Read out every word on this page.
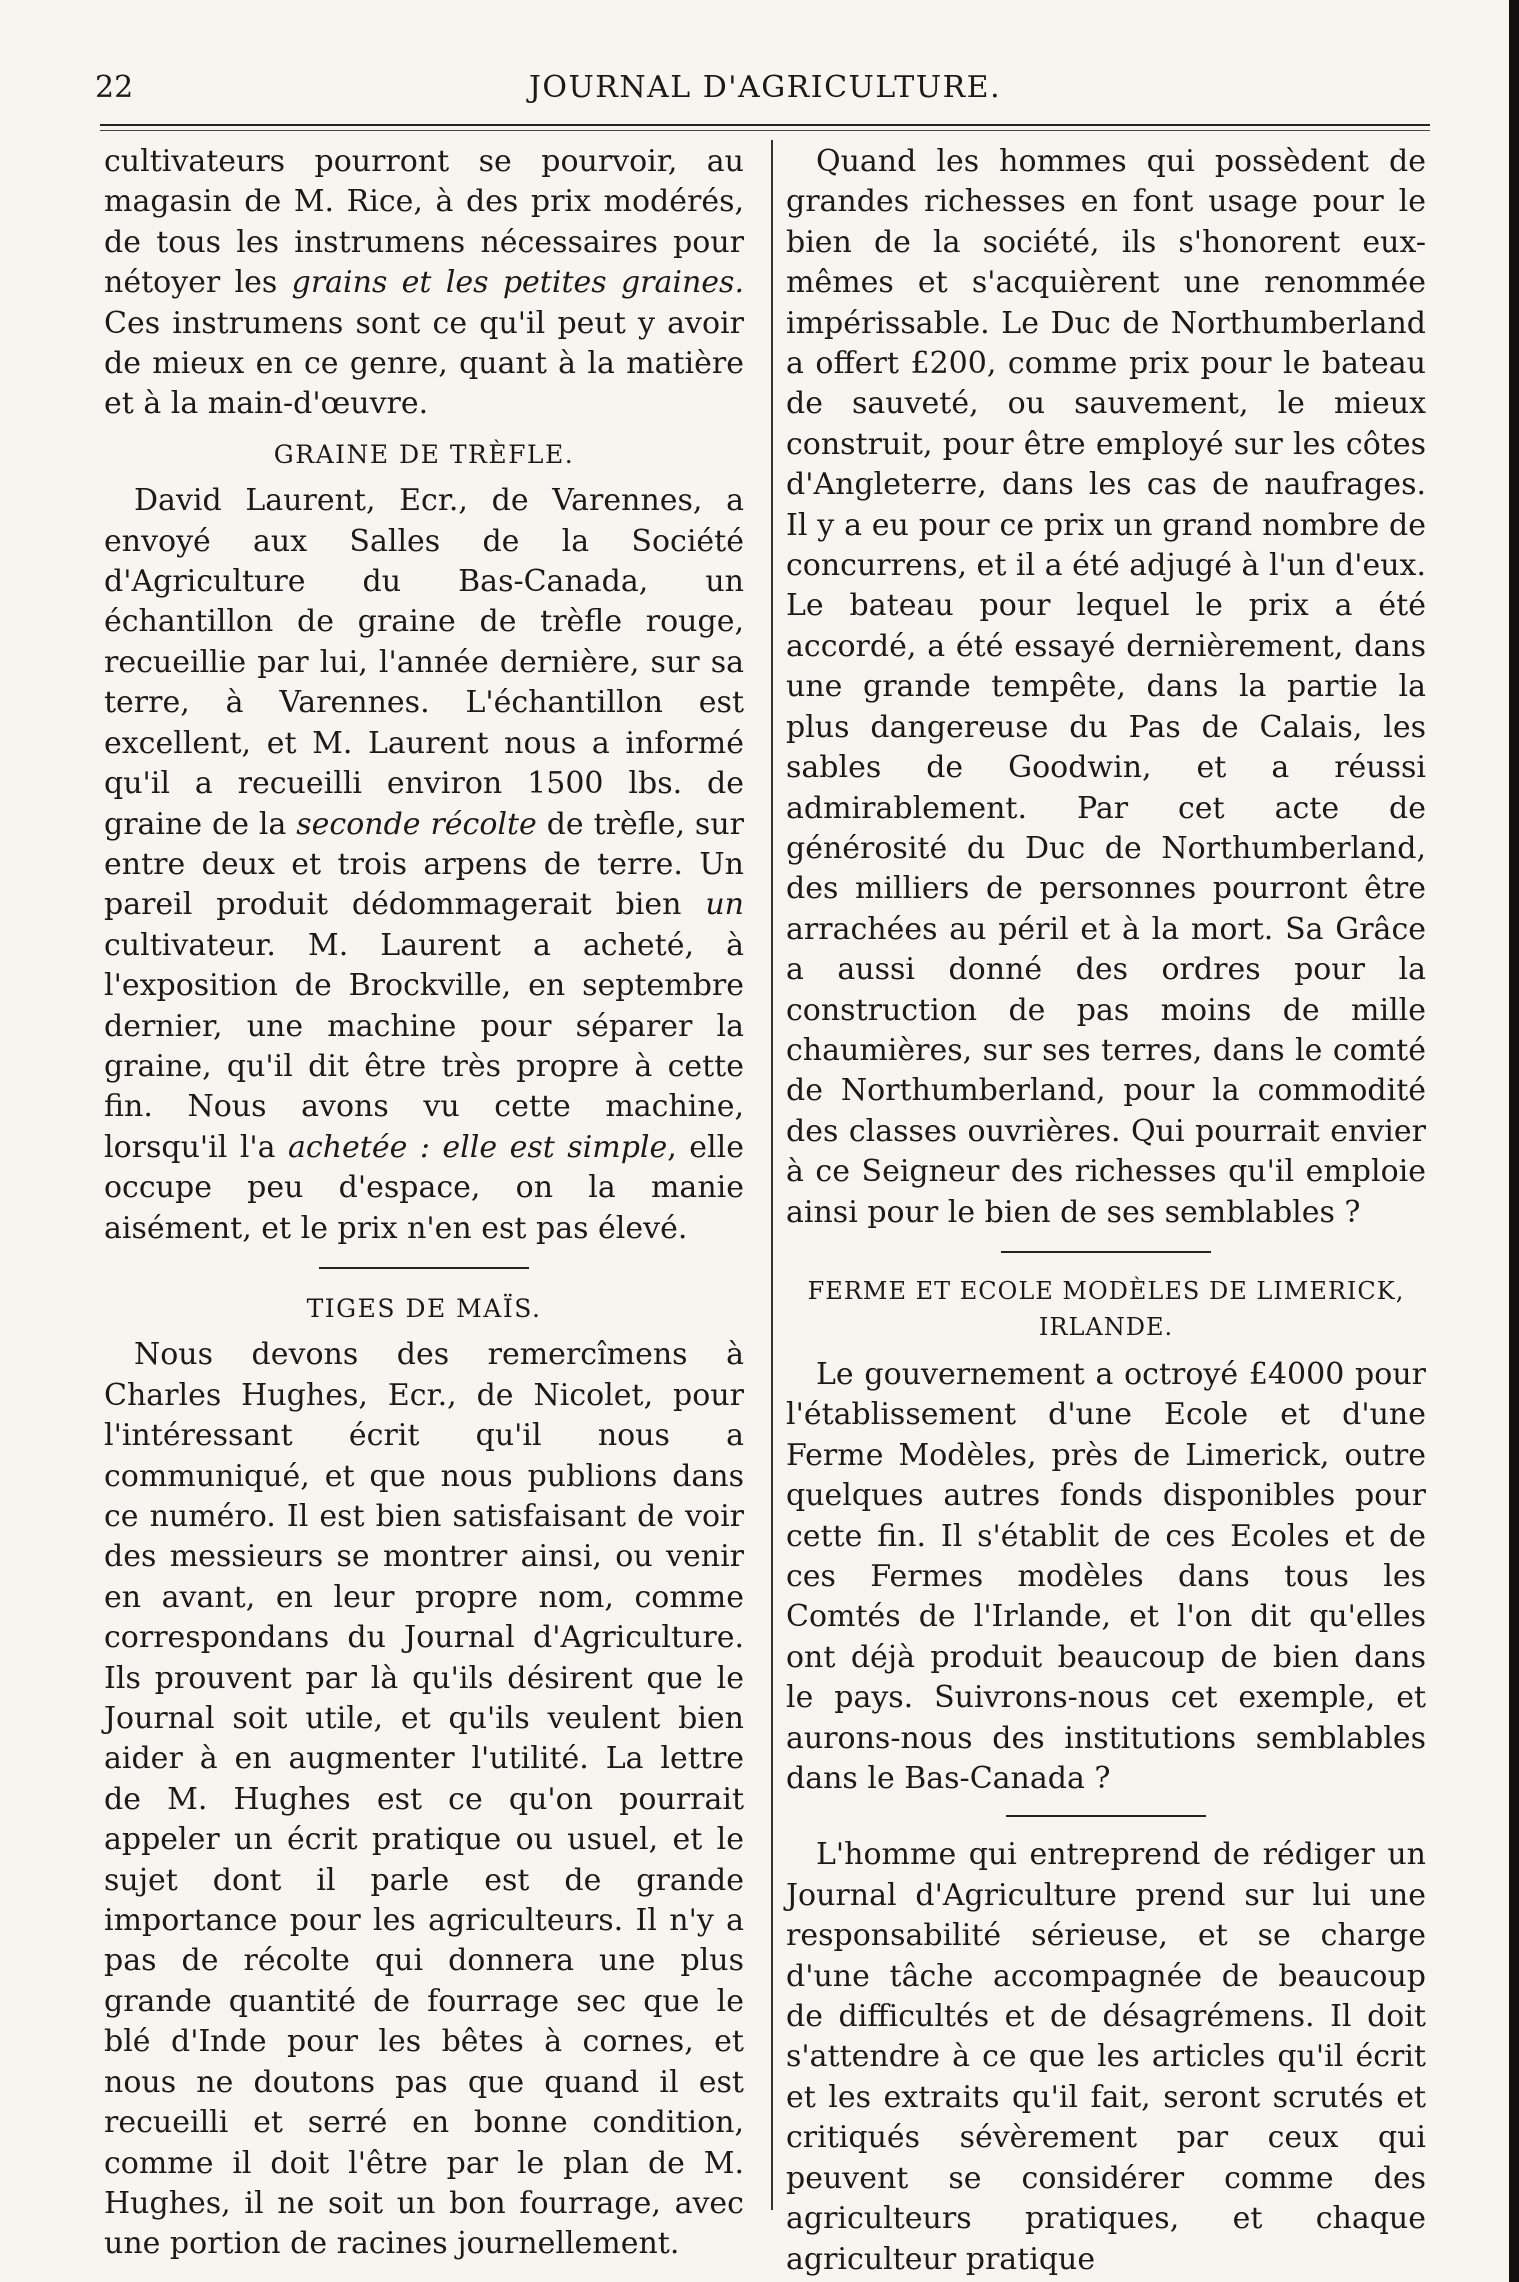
22	JOURNAL D'AGRICULTURE.

cultivateurs pourront se pourvoir, au magasin de M. Rice, à des prix modérés, de tous les instrumens nécessaires pour nétoyer les grains et les petites graines. Ces instrumens sont ce qu'il peut y avoir de mieux en ce genre, quant à la matière et à la main-d'œuvre.

GRAINE DE TRÈFLE.

David Laurent, Ecr., de Varennes, a envoyé aux Salles de la Société d'Agriculture du Bas-Canada, un échantillon de graine de trèfle rouge, recueillie par lui, l'année dernière, sur sa terre, à Varennes. L'échantillon est excellent, et M. Laurent nous a informé qu'il a recueilli environ 1500 lbs. de graine de la seconde récolte de trèfle, sur entre deux et trois arpens de terre. Un pareil produit dédommagerait bien un cultivateur. M. Laurent a acheté, à l'exposition de Brockville, en septembre dernier, une machine pour séparer la graine, qu'il dit être très propre à cette fin. Nous avons vu cette machine, lorsqu'il l'a achetée : elle est simple, elle occupe peu d'espace, on la manie aisément, et le prix n'en est pas élevé.

TIGES DE MAÏS.

Nous devons des remercîmens à Charles Hughes, Ecr., de Nicolet, pour l'intéressant écrit qu'il nous a communiqué, et que nous publions dans ce numéro. Il est bien satisfaisant de voir des messieurs se montrer ainsi, ou venir en avant, en leur propre nom, comme correspondans du Journal d'Agriculture. Ils prouvent par là qu'ils désirent que le Journal soit utile, et qu'ils veulent bien aider à en augmenter l'utilité. La lettre de M. Hughes est ce qu'on pourrait appeler un écrit pratique ou usuel, et le sujet dont il parle est de grande importance pour les agriculteurs. Il n'y a pas de récolte qui donnera une plus grande quantité de fourrage sec que le blé d'Inde pour les bêtes à cornes, et nous ne doutons pas que quand il est recueilli et serré en bonne condition, comme il doit l'être par le plan de M. Hughes, il ne soit un bon fourrage, avec une portion de racines journellement.

Quand les hommes qui possèdent de grandes richesses en font usage pour le bien de la société, ils s'honorent eux-mêmes et s'acquièrent une renommée impérissable. Le Duc de Northumberland a offert £200, comme prix pour le bateau de sauveté, ou sauvement, le mieux construit, pour être employé sur les côtes d'Angleterre, dans les cas de naufrages. Il y a eu pour ce prix un grand nombre de concurrens, et il a été adjugé à l'un d'eux. Le bateau pour lequel le prix a été accordé, a été essayé dernièrement, dans une grande tempête, dans la partie la plus dangereuse du Pas de Calais, les sables de Goodwin, et a réussi admirablement. Par cet acte de générosité du Duc de Northumberland, des milliers de personnes pourront être arrachées au péril et à la mort. Sa Grâce a aussi donné des ordres pour la construction de pas moins de mille chaumières, sur ses terres, dans le comté de Northumberland, pour la commodité des classes ouvrières. Qui pourrait envier à ce Seigneur des richesses qu'il emploie ainsi pour le bien de ses semblables ?

FERME ET ECOLE MODÈLES DE LIMERICK,
IRLANDE.

Le gouvernement a octroyé £4000 pour l'établissement d'une Ecole et d'une Ferme Modèles, près de Limerick, outre quelques autres fonds disponibles pour cette fin. Il s'établit de ces Ecoles et de ces Fermes modèles dans tous les Comtés de l'Irlande, et l'on dit qu'elles ont déjà produit beaucoup de bien dans le pays. Suivrons-nous cet exemple, et aurons-nous des institutions semblables dans le Bas-Canada ?

L'homme qui entreprend de rédiger un Journal d'Agriculture prend sur lui une responsabilité sérieuse, et se charge d'une tâche accompagnée de beaucoup de difficultés et de désagrémens. Il doit s'attendre à ce que les articles qu'il écrit et les extraits qu'il fait, seront scrutés et critiqués sévèrement par ceux qui peuvent se considérer comme des agriculteurs pratiques, et chaque agriculteur pratique
